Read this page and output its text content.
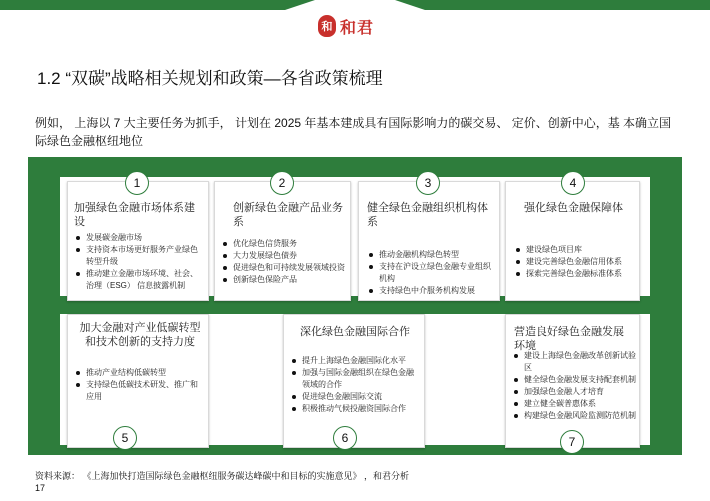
和 和君
1.2 “双碳”战略相关规划和政策—各省政策梳理
例如， 上海以 7 大主要任务为抓手， 计划在 2025 年基本建成具有国际影响力的碳交易、 定价、创新中心，基 本确立国际绿色金融枢纽地位
加强绿色金融市场体系建设
发展碳金融市场
支持资本市场更好服务产业绿色 转型升级
推动建立金融市场环境、社会、治理（ESG） 信息披露机制
创新绿色金融产品业务系
优化绿色信贷服务
大力发展绿色债券
促进绿色和可持续发展领域投资
创新绿色保险产品
健全绿色金融组织机构体系
推动金融机构绿色转型
支持在沪设立绿色金融专业组织机构
支持绿色中介服务机构发展
强化绿色金融保障体
建设绿色项目库
建设完善绿色金融信用体系
探索完善绿色金融标准体系
加大金融对产业低碳转型和技术创新的支持力度
推动产业结构低碳转型
支持绿色低碳技术研发、推广和 应用
深化绿色金融国际合作
提升上海绿色金融国际化水平
加强与国际金融组织在绿色金融领域的合作
促进绿色金融国际交流
积极推动气候投融资国际合作
营造良好绿色金融发展环境
建设上海绿色金融改革创新试验区
健全绿色金融发展支持配套机制
加强绿色金融人才培育
建立健全碳普惠体系
构建绿色金融风险监测防范机制
1	2	3	4
5	6	7
资料来源： 《上海加快打造国际绿色金融枢纽服务碳达峰碳中和目标的实施意见》 ，和君分析
17
